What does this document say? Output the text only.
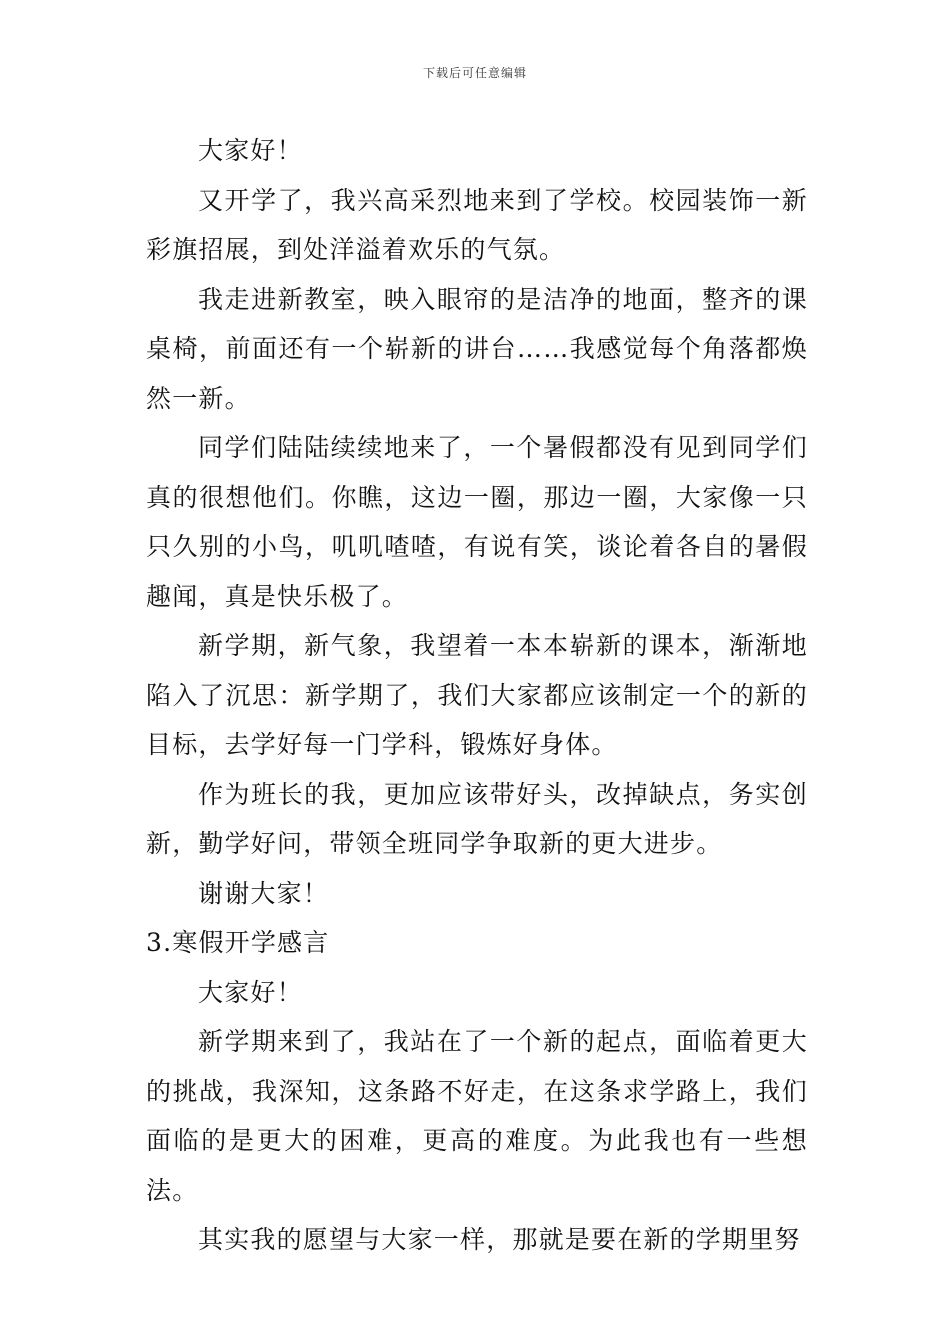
下载后可任意编辑

大家好！

又开学了，我兴高采烈地来到了学校。校园装饰一新彩旗招展，到处洋溢着欢乐的气氛。

我走进新教室，映入眼帘的是洁净的地面，整齐的课桌椅，前面还有一个崭新的讲台……我感觉每个角落都焕然一新。

同学们陆陆续续地来了，一个暑假都没有见到同学们真的很想他们。你瞧，这边一圈，那边一圈，大家像一只只久别的小鸟，叽叽喳喳，有说有笑，谈论着各自的暑假趣闻，真是快乐极了。

新学期，新气象，我望着一本本崭新的课本，渐渐地陷入了沉思：新学期了，我们大家都应该制定一个的新的目标，去学好每一门学科，锻炼好身体。

作为班长的我，更加应该带好头，改掉缺点，务实创新，勤学好问，带领全班同学争取新的更大进步。

谢谢大家！

3.寒假开学感言

大家好！

新学期来到了，我站在了一个新的起点，面临着更大的挑战，我深知，这条路不好走，在这条求学路上，我们面临的是更大的困难，更高的难度。为此我也有一些想法。

其实我的愿望与大家一样，那就是要在新的学期里努
